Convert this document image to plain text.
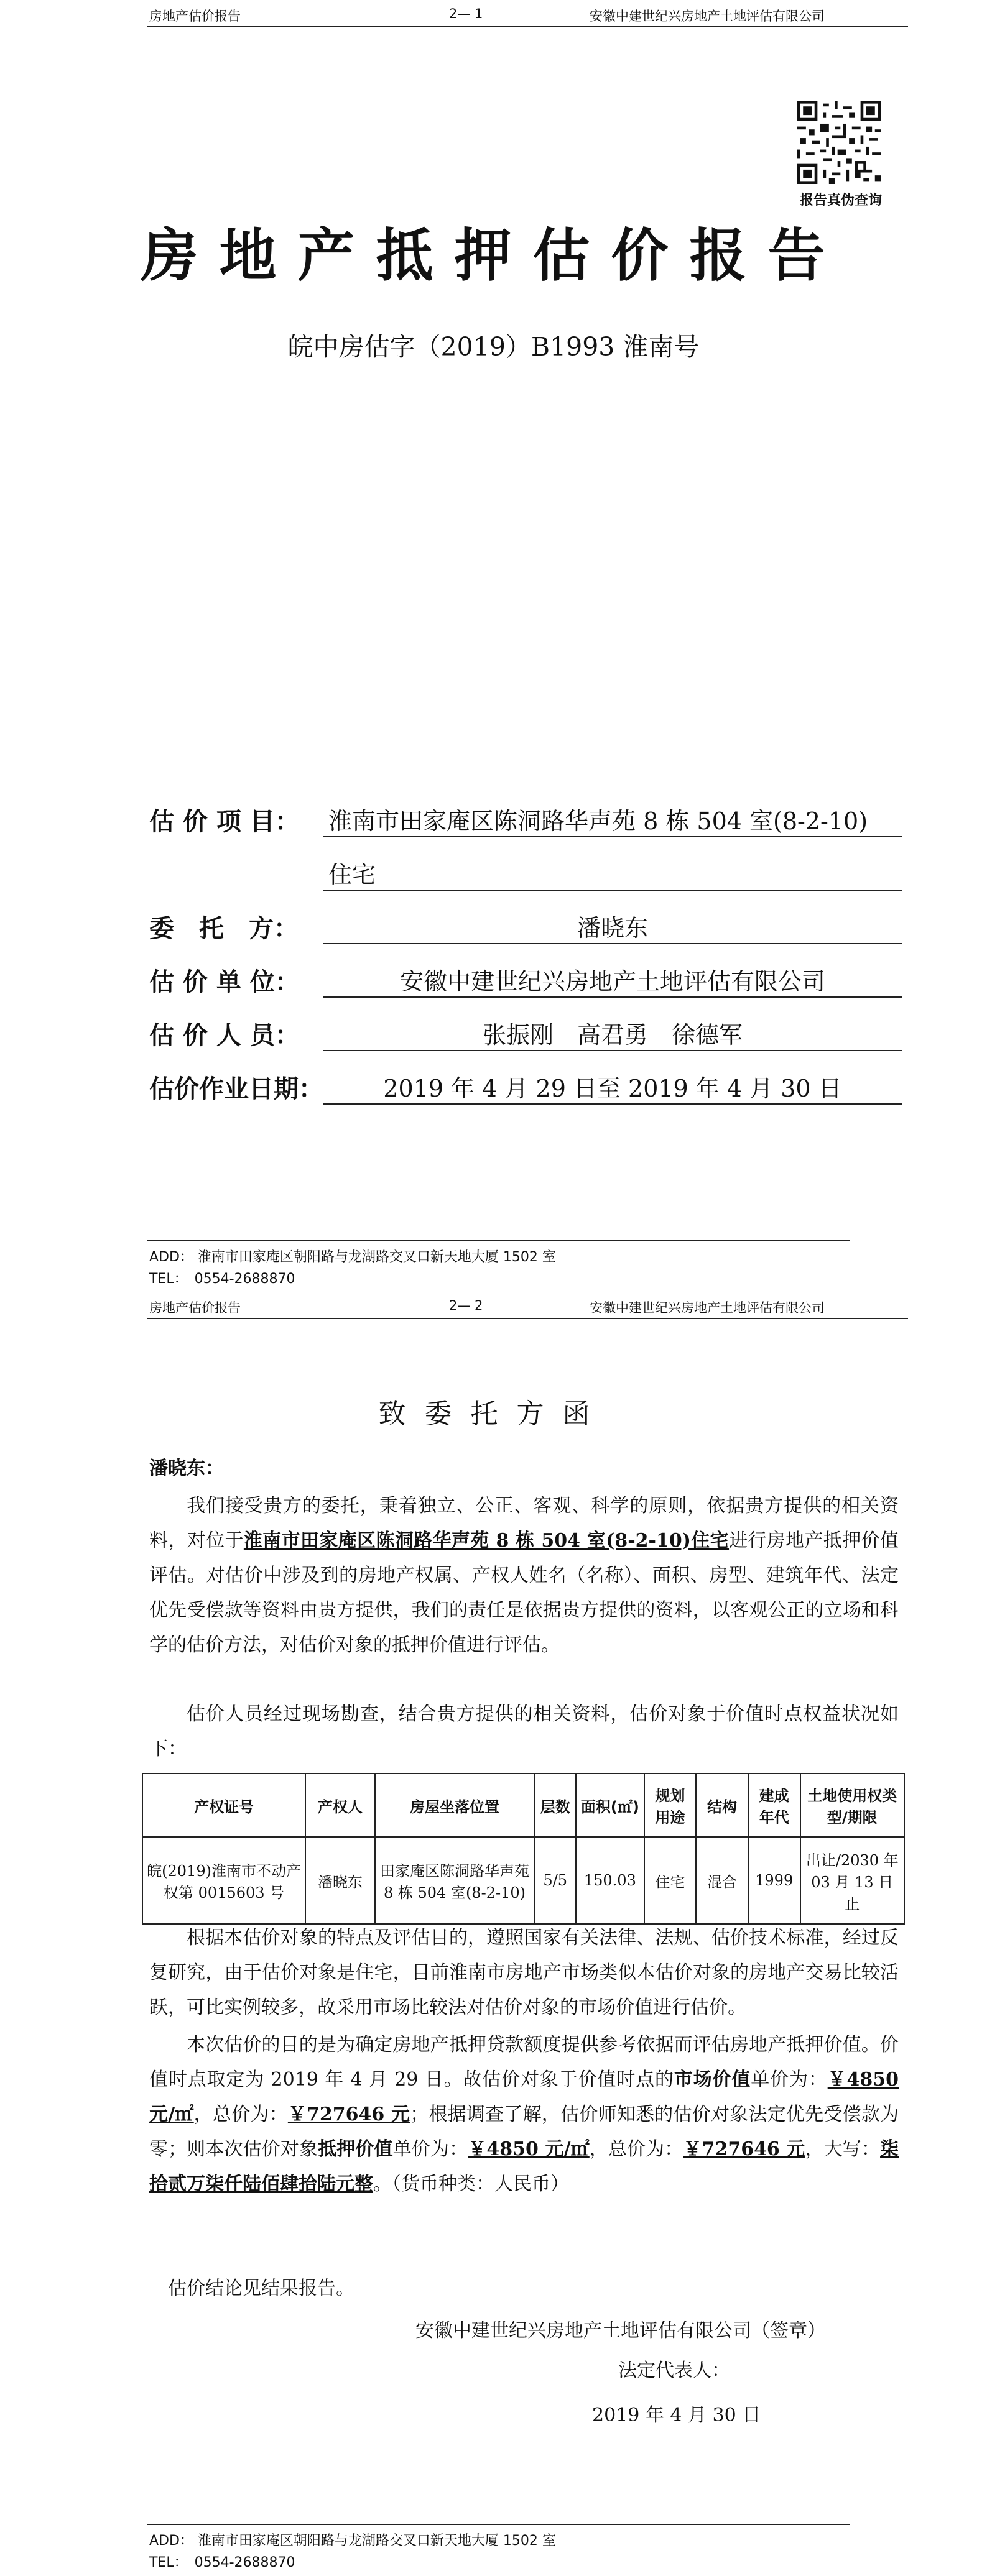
房地产估价报告	2— 1	安徽中建世纪兴房地产土地评估有限公司
报告真伪查询
房地产抵押估价报告
皖中房估字（2019）B1993 淮南号
估 价 项 目： 淮南市田家庵区陈洞路华声苑 8 栋 504 室(8-2-10)
住宅
委　托　方：	潘晓东
估 价 单 位：	安徽中建世纪兴房地产土地评估有限公司
估 价 人 员：	张振刚　高君勇　徐德军
估价作业日期：	2019 年 4 月 29 日至 2019 年 4 月 30 日
ADD： 淮南市田家庵区朝阳路与龙湖路交叉口新天地大厦 1502 室
TEL：　0554-2688870
房地产估价报告	2— 2	安徽中建世纪兴房地产土地评估有限公司
致委托方函
潘晓东：
我们接受贵方的委托，秉着独立、公正、客观、科学的原则，依据贵方提供的相关资料，对位于淮南市田家庵区陈洞路华声苑 8 栋 504 室(8-2-10)住宅进行房地产抵押价值评估。对估价中涉及到的房地产权属、产权人姓名（名称）、面积、房型、建筑年代、法定优先受偿款等资料由贵方提供，我们的责任是依据贵方提供的资料，以客观公正的立场和科学的估价方法，对估价对象的抵押价值进行评估。
估价人员经过现场勘查，结合贵方提供的相关资料，估价对象于价值时点权益状况如下：
产权证号	产权人	房屋坐落位置	层数	面积(㎡)	规划用途	结构	建成年代	土地使用权类型/期限
皖(2019)淮南市不动产权第 0015603 号	潘晓东	田家庵区陈洞路华声苑 8 栋 504 室(8-2-10)	5/5	150.03	住宅	混合	1999	出让/2030 年 03 月 13 日止
根据本估价对象的特点及评估目的，遵照国家有关法律、法规、估价技术标准，经过反复研究，由于估价对象是住宅，目前淮南市房地产市场类似本估价对象的房地产交易比较活跃，可比实例较多，故采用市场比较法对估价对象的市场价值进行估价。
本次估价的目的是为确定房地产抵押贷款额度提供参考依据而评估房地产抵押价值。价值时点取定为 2019 年 4 月 29 日。故估价对象于价值时点的市场价值单价为：￥4850 元/㎡，总价为：￥727646 元；根据调查了解，估价师知悉的估价对象法定优先受偿款为零；则本次估价对象抵押价值单价为：￥4850 元/㎡，总价为：￥727646 元，大写：柒拾贰万柒仟陆佰肆拾陆元整。（货币种类：人民币）
估价结论见结果报告。
安徽中建世纪兴房地产土地评估有限公司（签章）
法定代表人：
2019 年 4 月 30 日
ADD： 淮南市田家庵区朝阳路与龙湖路交叉口新天地大厦 1502 室
TEL：　0554-2688870
